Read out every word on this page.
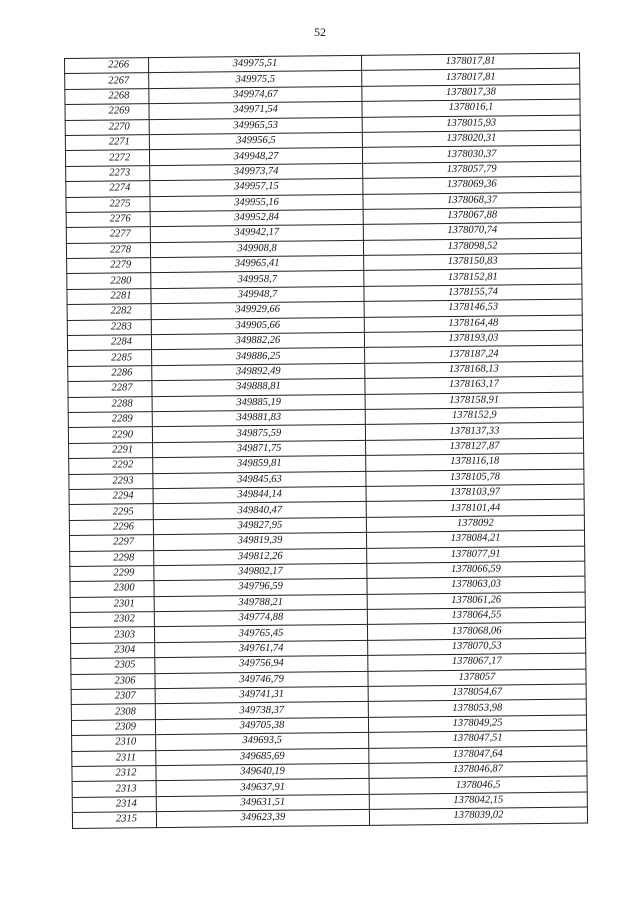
52
2266	349975,51	1378017,81
2267	349975,5	1378017,81
2268	349974,67	1378017,38
2269	349971,54	1378016,1
2270	349965,53	1378015,93
2271	349956,5	1378020,31
2272	349948,27	1378030,37
2273	349973,74	1378057,79
2274	349957,15	1378069,36
2275	349955,16	1378068,37
2276	349952,84	1378067,88
2277	349942,17	1378070,74
2278	349908,8	1378098,52
2279	349965,41	1378150,83
2280	349958,7	1378152,81
2281	349948,7	1378155,74
2282	349929,66	1378146,53
2283	349905,66	1378164,48
2284	349882,26	1378193,03
2285	349886,25	1378187,24
2286	349892,49	1378168,13
2287	349888,81	1378163,17
2288	349885,19	1378158,91
2289	349881,83	1378152,9
2290	349875,59	1378137,33
2291	349871,75	1378127,87
2292	349859,81	1378116,18
2293	349845,63	1378105,78
2294	349844,14	1378103,97
2295	349840,47	1378101,44
2296	349827,95	1378092
2297	349819,39	1378084,21
2298	349812,26	1378077,91
2299	349802,17	1378066,59
2300	349796,59	1378063,03
2301	349788,21	1378061,26
2302	349774,88	1378064,55
2303	349765,45	1378068,06
2304	349761,74	1378070,53
2305	349756,94	1378067,17
2306	349746,79	1378057
2307	349741,31	1378054,67
2308	349738,37	1378053,98
2309	349705,38	1378049,25
2310	349693,5	1378047,51
2311	349685,69	1378047,64
2312	349640,19	1378046,87
2313	349637,91	1378046,5
2314	349631,51	1378042,15
2315	349623,39	1378039,02
